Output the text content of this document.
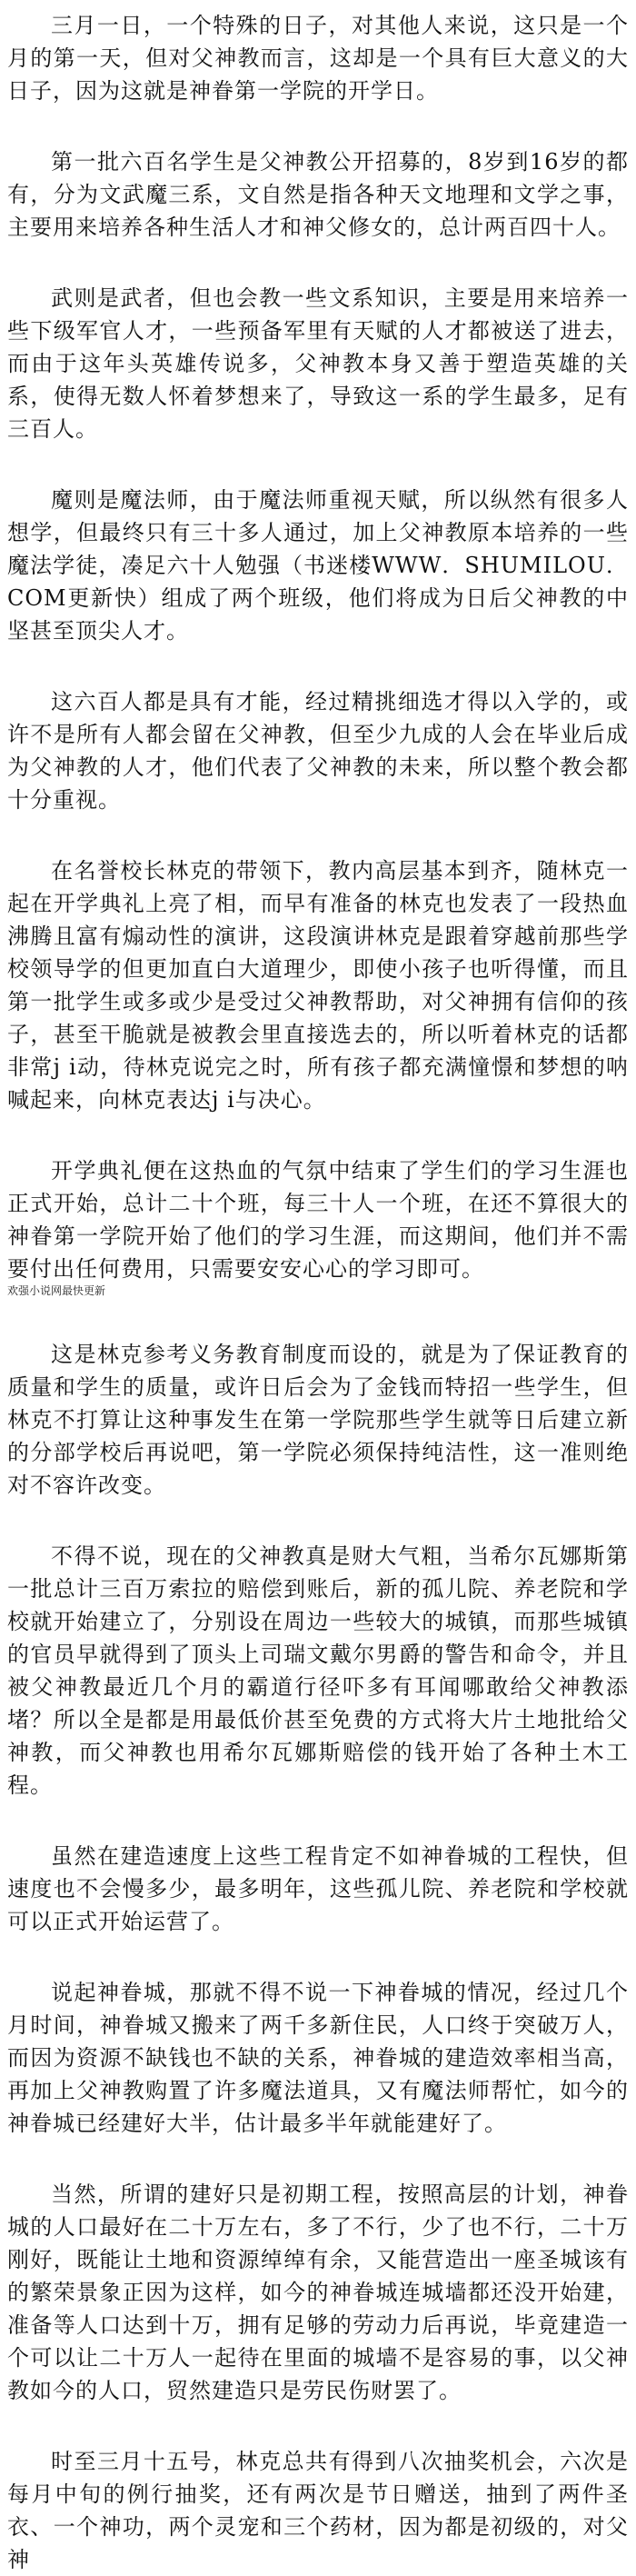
三月一日，一个特殊的日子，对其他人来说，这只是一个月的第一天，但对父神教而言，这却是一个具有巨大意义的大日子，因为这就是神眷第一学院的开学日。

第一批六百名学生是父神教公开招募的，8岁到16岁的都有，分为文武魔三系，文自然是指各种天文地理和文学之事，主要用来培养各种生活人才和神父修女的，总计两百四十人。

武则是武者，但也会教一些文系知识，主要是用来培养一些下级军官人才，一些预备军里有天赋的人才都被送了进去，而由于这年头英雄传说多，父神教本身又善于塑造英雄的关系，使得无数人怀着梦想来了，导致这一系的学生最多，足有三百人。

魔则是魔法师，由于魔法师重视天赋，所以纵然有很多人想学，但最终只有三十多人通过，加上父神教原本培养的一些魔法学徒，凑足六十人勉强（书迷楼WWW．SHUMILOU．COM更新快）组成了两个班级，他们将成为日后父神教的中坚甚至顶尖人才。

这六百人都是具有才能，经过精挑细选才得以入学的，或许不是所有人都会留在父神教，但至少九成的人会在毕业后成为父神教的人才，他们代表了父神教的未来，所以整个教会都十分重视。

在名誉校长林克的带领下，教内高层基本到齐，随林克一起在开学典礼上亮了相，而早有准备的林克也发表了一段热血沸腾且富有煽动性的演讲，这段演讲林克是跟着穿越前那些学校领导学的但更加直白大道理少，即使小孩子也听得懂，而且第一批学生或多或少是受过父神教帮助，对父神拥有信仰的孩子，甚至干脆就是被教会里直接选去的，所以听着林克的话都非常j i动，待林克说完之时，所有孩子都充满憧憬和梦想的呐喊起来，向林克表达j i与决心。

开学典礼便在这热血的气氛中结束了学生们的学习生涯也正式开始，总计二十个班，每三十人一个班，在还不算很大的神眷第一学院开始了他们的学习生涯，而这期间，他们并不需要付出任何费用，只需要安安心心的学习即可。

欢强小说网最快更新

这是林克参考义务教育制度而设的，就是为了保证教育的质量和学生的质量，或许日后会为了金钱而特招一些学生，但林克不打算让这种事发生在第一学院那些学生就等日后建立新的分部学校后再说吧，第一学院必须保持纯洁性，这一准则绝对不容许改变。

不得不说，现在的父神教真是财大气粗，当希尔瓦娜斯第一批总计三百万索拉的赔偿到账后，新的孤儿院、养老院和学校就开始建立了，分别设在周边一些较大的城镇，而那些城镇的官员早就得到了顶头上司瑞文戴尔男爵的警告和命令，并且被父神教最近几个月的霸道行径吓多有耳闻哪敢给父神教添堵？所以全是都是用最低价甚至免费的方式将大片土地批给父神教，而父神教也用希尔瓦娜斯赔偿的钱开始了各种土木工程。

虽然在建造速度上这些工程肯定不如神眷城的工程快，但速度也不会慢多少，最多明年，这些孤儿院、养老院和学校就可以正式开始运营了。

说起神眷城，那就不得不说一下神眷城的情况，经过几个月时间，神眷城又搬来了两千多新住民，人口终于突破万人，而因为资源不缺钱也不缺的关系，神眷城的建造效率相当高，再加上父神教购置了许多魔法道具，又有魔法师帮忙，如今的神眷城已经建好大半，估计最多半年就能建好了。

当然，所谓的建好只是初期工程，按照高层的计划，神眷城的人口最好在二十万左右，多了不行，少了也不行，二十万刚好，既能让土地和资源绰绰有余，又能营造出一座圣城该有的繁荣景象正因为这样，如今的神眷城连城墙都还没开始建，准备等人口达到十万，拥有足够的劳动力后再说，毕竟建造一个可以让二十万人一起待在里面的城墙不是容易的事，以父神教如今的人口，贸然建造只是劳民伤财罢了。

时至三月十五号，林克总共有得到八次抽奖机会，六次是每月中旬的例行抽奖，还有两次是节日赠送，抽到了两件圣衣、一个神功，两个灵宠和三个药材，因为都是初级的，对父神
